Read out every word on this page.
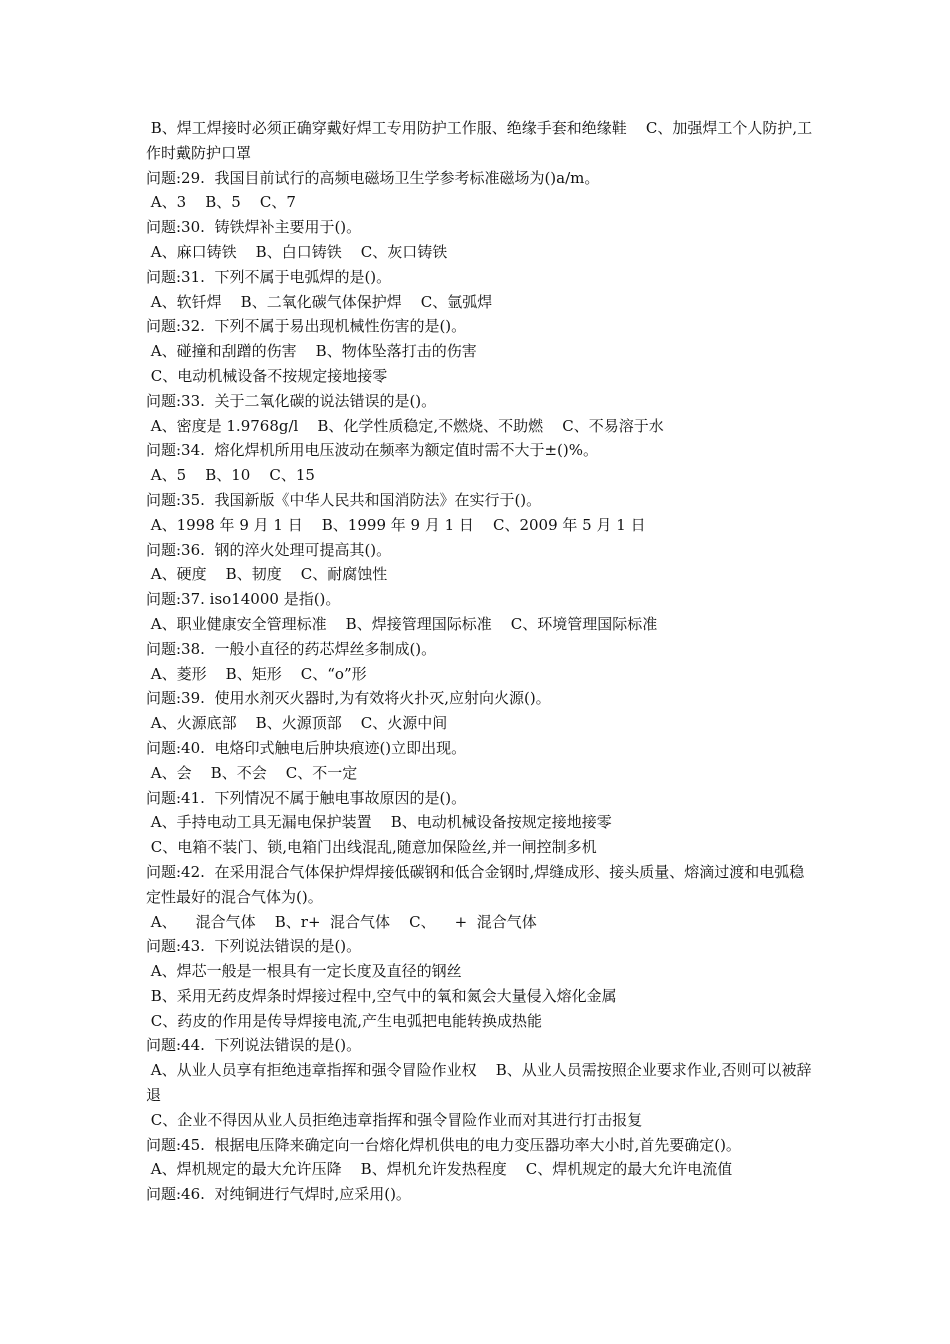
B、焊工焊接时必须正确穿戴好焊工专用防护工作服、绝缘手套和绝缘鞋    C、加强焊工个人防护,工作时戴防护口罩
问题:29.  我国目前试行的高频电磁场卫生学参考标准磁场为()a/m。
A、3    B、5    C、7
问题:30.  铸铁焊补主要用于()。
A、麻口铸铁    B、白口铸铁    C、灰口铸铁
问题:31.  下列不属于电弧焊的是()。
A、软钎焊    B、二氧化碳气体保护焊    C、氩弧焊
问题:32.  下列不属于易出现机械性伤害的是()。
A、碰撞和刮蹭的伤害    B、物体坠落打击的伤害
C、电动机械设备不按规定接地接零
问题:33.  关于二氧化碳的说法错误的是()。
A、密度是 1.9768g/l    B、化学性质稳定,不燃烧、不助燃    C、不易溶于水
问题:34.  熔化焊机所用电压波动在频率为额定值时需不大于±()%。
A、5    B、10    C、15
问题:35.  我国新版《中华人民共和国消防法》在实行于()。
A、1998 年 9 月 1 日    B、1999 年 9 月 1 日    C、2009 年 5 月 1 日
问题:36.  钢的淬火处理可提高其()。
A、硬度    B、韧度    C、耐腐蚀性
问题:37. iso14000 是指()。
A、职业健康安全管理标准    B、焊接管理国际标准    C、环境管理国际标准
问题:38.  一般小直径的药芯焊丝多制成()。
A、菱形    B、矩形    C、“o”形
问题:39.  使用水剂灭火器时,为有效将火扑灭,应射向火源()。
A、火源底部    B、火源顶部    C、火源中间
问题:40.  电烙印式触电后肿块痕迹()立即出现。
A、会    B、不会    C、不一定
问题:41.  下列情况不属于触电事故原因的是()。
A、手持电动工具无漏电保护装置    B、电动机械设备按规定接地接零
C、电箱不装门、锁,电箱门出线混乱,随意加保险丝,并一闸控制多机
问题:42.  在采用混合气体保护焊焊接低碳钢和低合金钢时,焊缝成形、接头质量、熔滴过渡和电弧稳定性最好的混合气体为()。
A、    混合气体    B、r+  混合气体    C、    +  混合气体
问题:43.  下列说法错误的是()。
A、焊芯一般是一根具有一定长度及直径的钢丝
B、采用无药皮焊条时焊接过程中,空气中的氧和氮会大量侵入熔化金属
C、药皮的作用是传导焊接电流,产生电弧把电能转换成热能
问题:44.  下列说法错误的是()。
A、从业人员享有拒绝违章指挥和强令冒险作业权    B、从业人员需按照企业要求作业,否则可以被辞退
C、企业不得因从业人员拒绝违章指挥和强令冒险作业而对其进行打击报复
问题:45.  根据电压降来确定向一台熔化焊机供电的电力变压器功率大小时,首先要确定()。
A、焊机规定的最大允许压降    B、焊机允许发热程度    C、焊机规定的最大允许电流值
问题:46.  对纯铜进行气焊时,应采用()。
